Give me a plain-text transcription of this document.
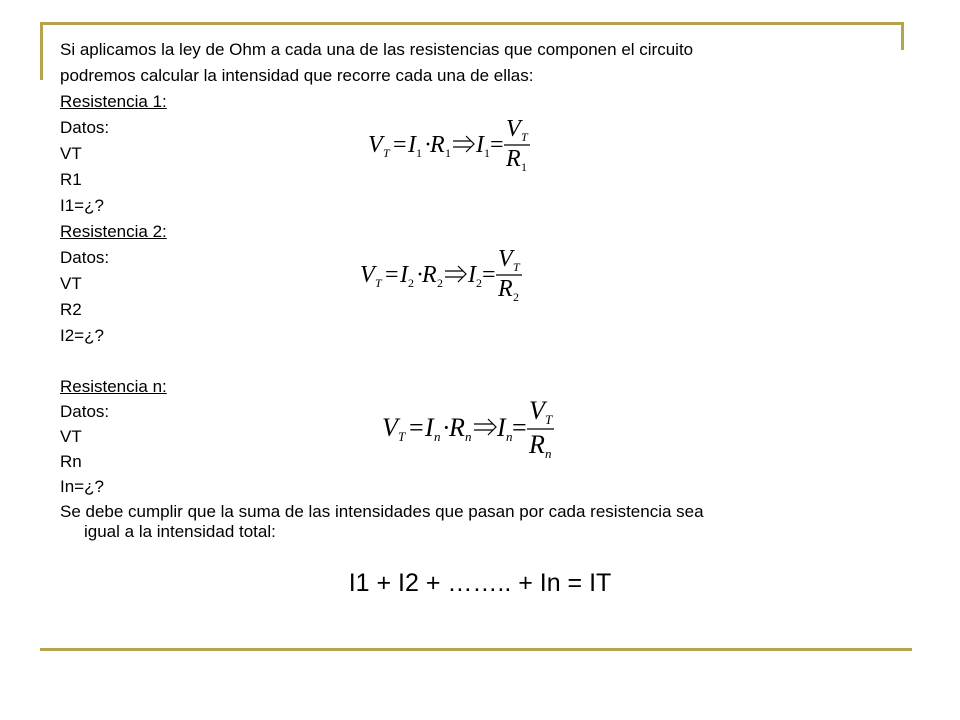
Si aplicamos la ley de Ohm a cada una de las resistencias que componen el circuito
podremos calcular la intensidad que recorre cada una de ellas:
Resistencia 1:
Datos:
VT
R1
I1=¿?
Resistencia 2:
Datos:
VT
R2
I2=¿?
Resistencia n:
Datos:
VT
Rn
In=¿?
Se debe cumplir que la suma de las intensidades que pasan por cada resistencia sea
igual a la intensidad total:
I1 + I2 + …….. + In = IT
V T = I 1 ·
R 1 I 1 =
V T
R 1
V T = I 2 ·
R 2 I 2 =
V T
R 2
V T = I n ·
R n I n =
V T
R n
